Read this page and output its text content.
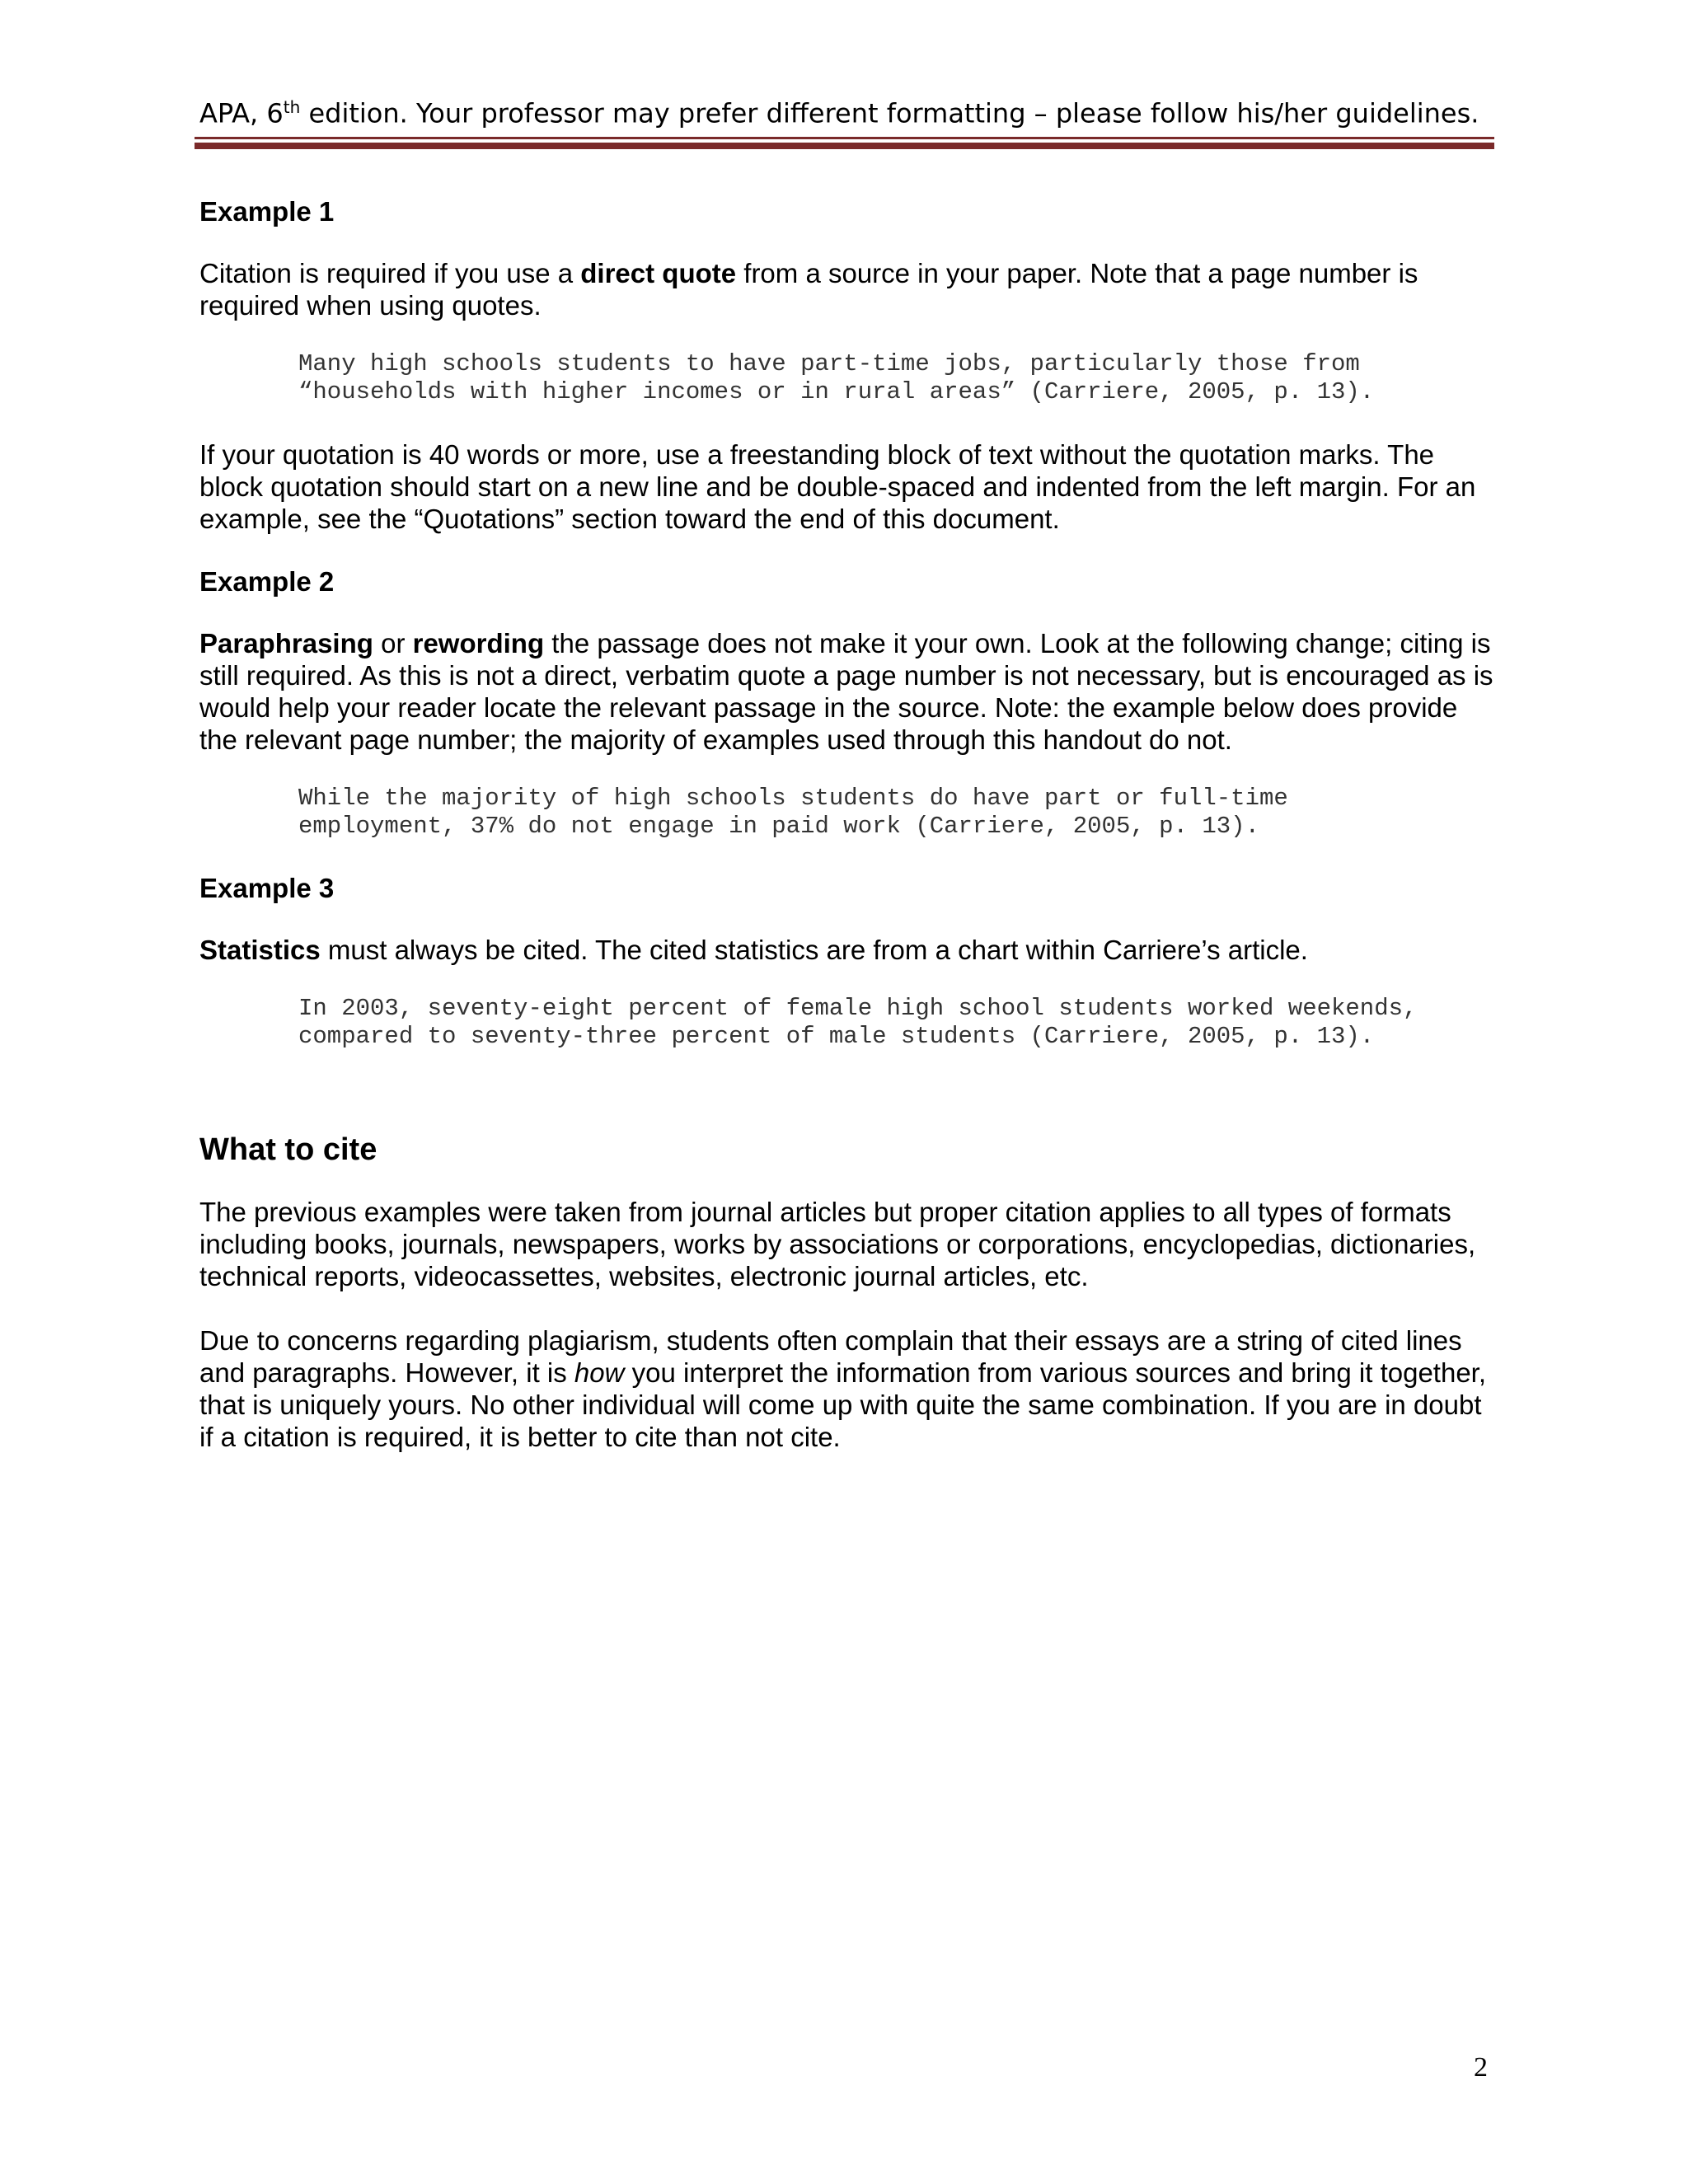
APA, 6th edition. Your professor may prefer different formatting – please follow his/her guidelines.
Example 1

Citation is required if you use a direct quote from a source in your paper. Note that a page number is required when using quotes.

Many high schools students to have part-time jobs, particularly those from
“households with higher incomes or in rural areas” (Carriere, 2005, p. 13).

If your quotation is 40 words or more, use a freestanding block of text without the quotation marks. The block quotation should start on a new line and be double-spaced and indented from the left margin. For an example, see the “Quotations” section toward the end of this document.

Example 2

Paraphrasing or rewording the passage does not make it your own. Look at the following change; citing is still required. As this is not a direct, verbatim quote a page number is not necessary, but is encouraged as is would help your reader locate the relevant passage in the source. Note: the example below does provide the relevant page number; the majority of examples used through this handout do not.

While the majority of high schools students do have part or full-time
employment, 37% do not engage in paid work (Carriere, 2005, p. 13).
Example 3

Statistics must always be cited. The cited statistics are from a chart within Carriere’s article.

In 2003, seventy-eight percent of female high school students worked weekends,
compared to seventy-three percent of male students (Carriere, 2005, p. 13).
What to cite

The previous examples were taken from journal articles but proper citation applies to all types of formats including books, journals, newspapers, works by associations or corporations, encyclopedias, dictionaries, technical reports, videocassettes, websites, electronic journal articles, etc.

Due to concerns regarding plagiarism, students often complain that their essays are a string of cited lines and paragraphs. However, it is how you interpret the information from various sources and bring it together, that is uniquely yours. No other individual will come up with quite the same combination. If you are in doubt if a citation is required, it is better to cite than not cite.

2
